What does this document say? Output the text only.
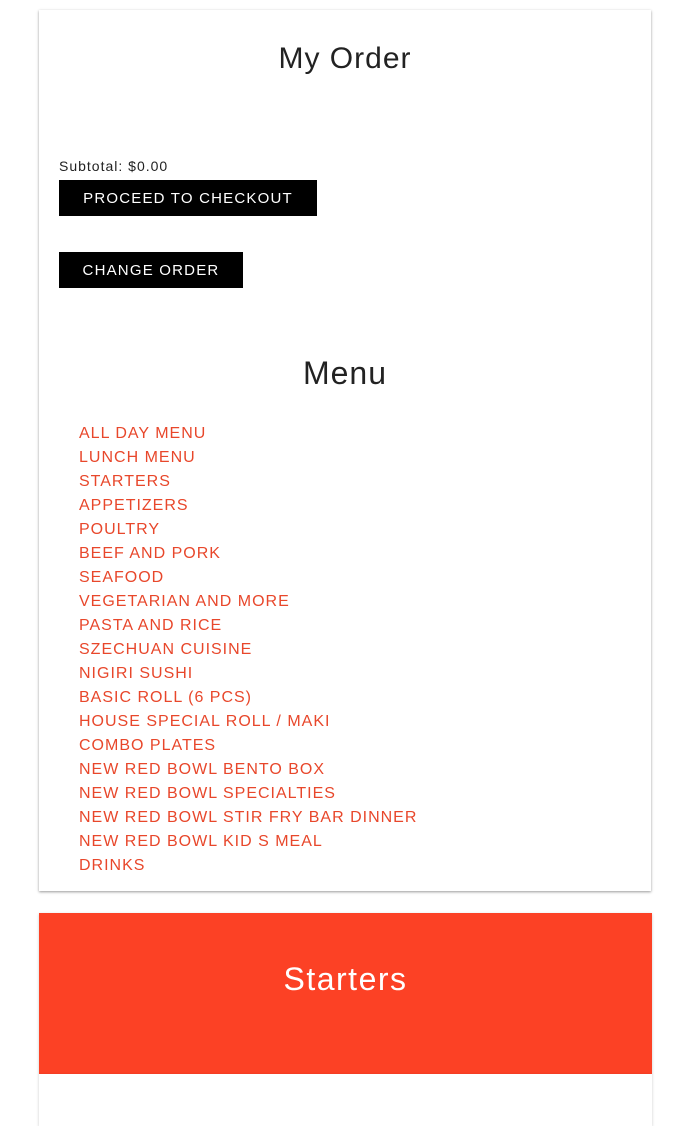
My Order
Subtotal: $0.00
PROCEED TO CHECKOUT
CHANGE ORDER
Menu
ALL DAY MENU
LUNCH MENU
STARTERS
APPETIZERS
POULTRY
BEEF AND PORK
SEAFOOD
VEGETARIAN AND MORE
PASTA AND RICE
SZECHUAN CUISINE
NIGIRI SUSHI
BASIC ROLL (6 PCS)
HOUSE SPECIAL ROLL / MAKI
COMBO PLATES
NEW RED BOWL BENTO BOX
NEW RED BOWL SPECIALTIES
NEW RED BOWL STIR FRY BAR DINNER
NEW RED BOWL KID S MEAL
DRINKS
Starters
